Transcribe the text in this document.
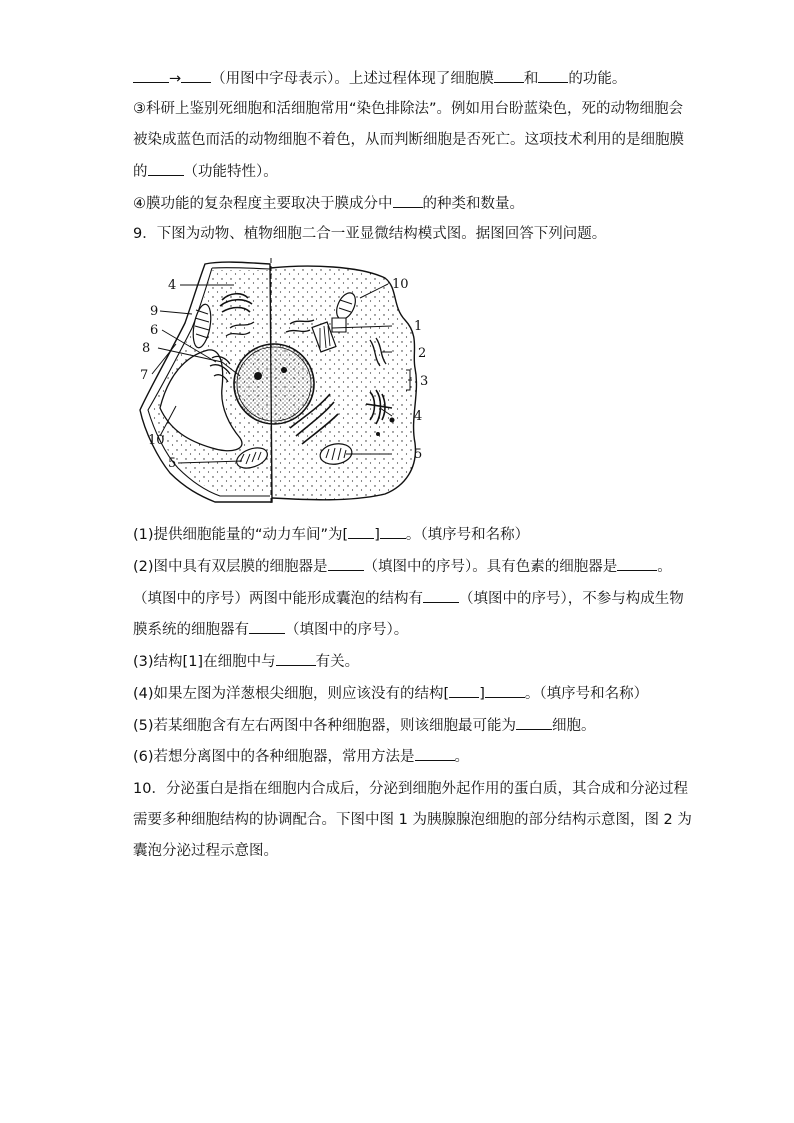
→ （用图中字母表示）。上述过程体现了细胞膜 和 的功能。
③科研上鉴别死细胞和活细胞常用“染色排除法”。例如用台盼蓝染色，死的动物细胞会
被染成蓝色而活的动物细胞不着色，从而判断细胞是否死亡。这项技术利用的是细胞膜
的 （功能特性）。
④膜功能的复杂程度主要取决于膜成分中 的种类和数量。
9．下图为动物、植物细胞二合一亚显微结构模式图。据图回答下列问题。
4
9
6
8
7
10
5
10
1
2
3
4
5
(1)提供细胞能量的“动力车间”为[ ] 。（填序号和名称）
(2)图中具有双层膜的细胞器是 （填图中的序号）。具有色素的细胞器是	。
（填图中的序号）两图中能形成囊泡的结构有 （填图中的序号），不参与构成生物
膜系统的细胞器有 （填图中的序号）。
(3)结构[1]在细胞中与	有关。
(4)如果左图为洋葱根尖细胞，则应该没有的结构[ ]	。（填序号和名称）
(5)若某细胞含有左右两图中各种细胞器，则该细胞最可能为 细胞。
(6)若想分离图中的各种细胞器，常用方法是	。
10．分泌蛋白是指在细胞内合成后，分泌到细胞外起作用的蛋白质，其合成和分泌过程
需要多种细胞结构的协调配合。下图中图 1 为胰腺腺泡细胞的部分结构示意图，图 2 为
囊泡分泌过程示意图。
